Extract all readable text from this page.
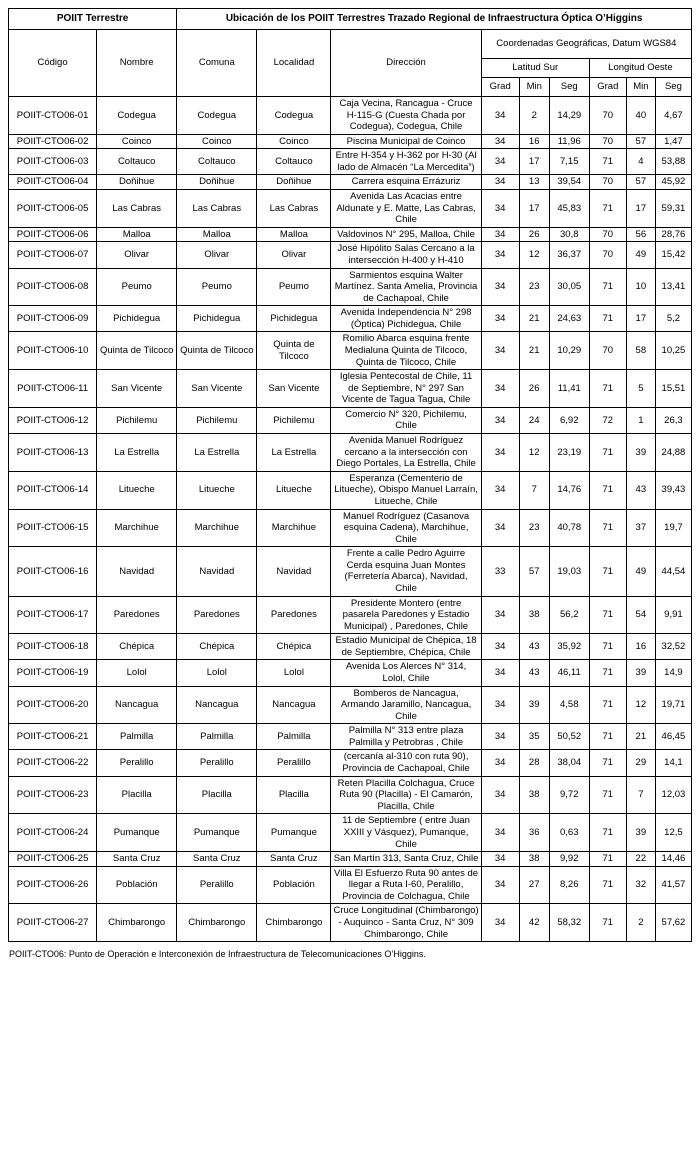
POIIT Terrestre		Ubicación de los POIIT Terrestres Trazado Regional de Infraestructura Óptica O’Higgins								
Código	Nombre	Comuna	Localidad	Dirección	Coordenadas Geográficas, Datum WGS84					
					Latitud Sur			Longitud Oeste		
					Grad	Min	Seg	Grad	Min	Seg
POIIT-CTO06-01	Codegua	Codegua	Codegua	Caja Vecina, Rancagua - Cruce H-115-G (Cuesta Chada por Codegua), Codegua, Chile	34	2	14,29	70	40	4,67
POIIT-CTO06-02	Coinco	Coinco	Coinco	Piscina Municipal de Coinco	34	16	11,96	70	57	1,47
POIIT-CTO06-03	Coltauco	Coltauco	Coltauco	Entre H-354 y H-362 por H-30 (Al lado de Almacén “La Mercedita”)	34	17	7,15	71	4	53,88
POIIT-CTO06-04	Doñihue	Doñihue	Doñihue	Carrera esquina Errázuriz	34	13	39,54	70	57	45,92
POIIT-CTO06-05	Las Cabras	Las Cabras	Las Cabras	Avenida Las Acacias entre Aldunate y E. Matte, Las Cabras, Chile	34	17	45,83	71	17	59,31
POIIT-CTO06-06	Malloa	Malloa	Malloa	Valdovinos N° 295, Malloa, Chile	34	26	30,8	70	56	28,76
POIIT-CTO06-07	Olivar	Olivar	Olivar	José Hipólito Salas Cercano a la intersección H-400 y H-410	34	12	36,37	70	49	15,42
POIIT-CTO06-08	Peumo	Peumo	Peumo	Sarmientos esquina Walter Martínez. Santa Amelia, Provincia de Cachapoal, Chile	34	23	30,05	71	10	13,41
POIIT-CTO06-09	Pichidegua	Pichidegua	Pichidegua	Avenida Independencia N° 298 (Óptica) Pichidegua, Chile	34	21	24,63	71	17	5,2
POIIT-CTO06-10	Quinta de Tilcoco	Quinta de Tilcoco	Quinta de Tilcoco	Romilio Abarca esquina frente Medialuna Quinta de Tilcoco, Quinta de Tilcoco, Chile	34	21	10,29	70	58	10,25
POIIT-CTO06-11	San Vicente	San Vicente	San Vicente	Iglesia Pentecostal de Chile, 11 de Septiembre, N° 297 San Vicente de Tagua Tagua, Chile	34	26	11,41	71	5	15,51
POIIT-CTO06-12	Pichilemu	Pichilemu	Pichilemu	Comercio N° 320, Pichilemu, Chile	34	24	6,92	72	1	26,3
POIIT-CTO06-13	La Estrella	La Estrella	La Estrella	Avenida Manuel Rodríguez cercano a la intersección con Diego Portales, La Estrella, Chile	34	12	23,19	71	39	24,88
POIIT-CTO06-14	Litueche	Litueche	Litueche	Esperanza (Cementerio de Litueche), Obispo Manuel Larraín, Litueche, Chile	34	7	14,76	71	43	39,43
POIIT-CTO06-15	Marchihue	Marchihue	Marchihue	Manuel Rodríguez (Casanova esquina Cadena), Marchihue, Chile	34	23	40,78	71	37	19,7
POIIT-CTO06-16	Navidad	Navidad	Navidad	Frente a calle Pedro Aguirre Cerda esquina Juan Montes (Ferretería Abarca), Navidad, Chile	33	57	19,03	71	49	44,54
POIIT-CTO06-17	Paredones	Paredones	Paredones	Presidente Montero (entre pasarela Paredones y Estadio Municipal) , Paredones, Chile	34	38	56,2	71	54	9,91
POIIT-CTO06-18	Chépica	Chépica	Chépica	Estadio Municipal de Chépica, 18 de Septiembre, Chépica, Chile	34	43	35,92	71	16	32,52
POIIT-CTO06-19	Lolol	Lolol	Lolol	Avenida Los Alerces N° 314, Lolol, Chile	34	43	46,11	71	39	14,9
POIIT-CTO06-20	Nancagua	Nancagua	Nancagua	Bomberos de Nancagua, Armando Jaramillo, Nancagua, Chile	34	39	4,58	71	12	19,71
POIIT-CTO06-21	Palmilla	Palmilla	Palmilla	Palmilla N° 313 entre plaza Palmilla y Petrobras , Chile	34	35	50,52	71	21	46,45
POIIT-CTO06-22	Peralillo	Peralillo	Peralillo	(cercanía al-310 con ruta 90), Provincia de Cachapoal, Chile	34	28	38,04	71	29	14,1
POIIT-CTO06-23	Placilla	Placilla	Placilla	Reten Placilla Colchagua, Cruce Ruta 90 (Placilla) - El Camarón, Placilla, Chile	34	38	9,72	71	7	12,03
POIIT-CTO06-24	Pumanque	Pumanque	Pumanque	11 de Septiembre ( entre Juan XXIII y Vásquez), Pumanque, Chile	34	36	0,63	71	39	12,5
POIIT-CTO06-25	Santa Cruz	Santa Cruz	Santa Cruz	San Martín 313, Santa Cruz, Chile	34	38	9,92	71	22	14,46
POIIT-CTO06-26	Población	Peralillo	Población	Villa El Esfuerzo Ruta 90 antes de llegar a Ruta I-60, Peralillo, Provincia de Colchagua, Chile	34	27	8,26	71	32	41,57
POIIT-CTO06-27	Chimbarongo	Chimbarongo	Chimbarongo	Cruce Longitudinal (Chimbarongo) - Auquinco - Santa Cruz, N° 309 Chimbarongo, Chile	34	42	58,32	71	2	57,62
POIIT-CTO06: Punto de Operación e Interconexión de Infraestructura de Telecomunicaciones O’Higgins.
